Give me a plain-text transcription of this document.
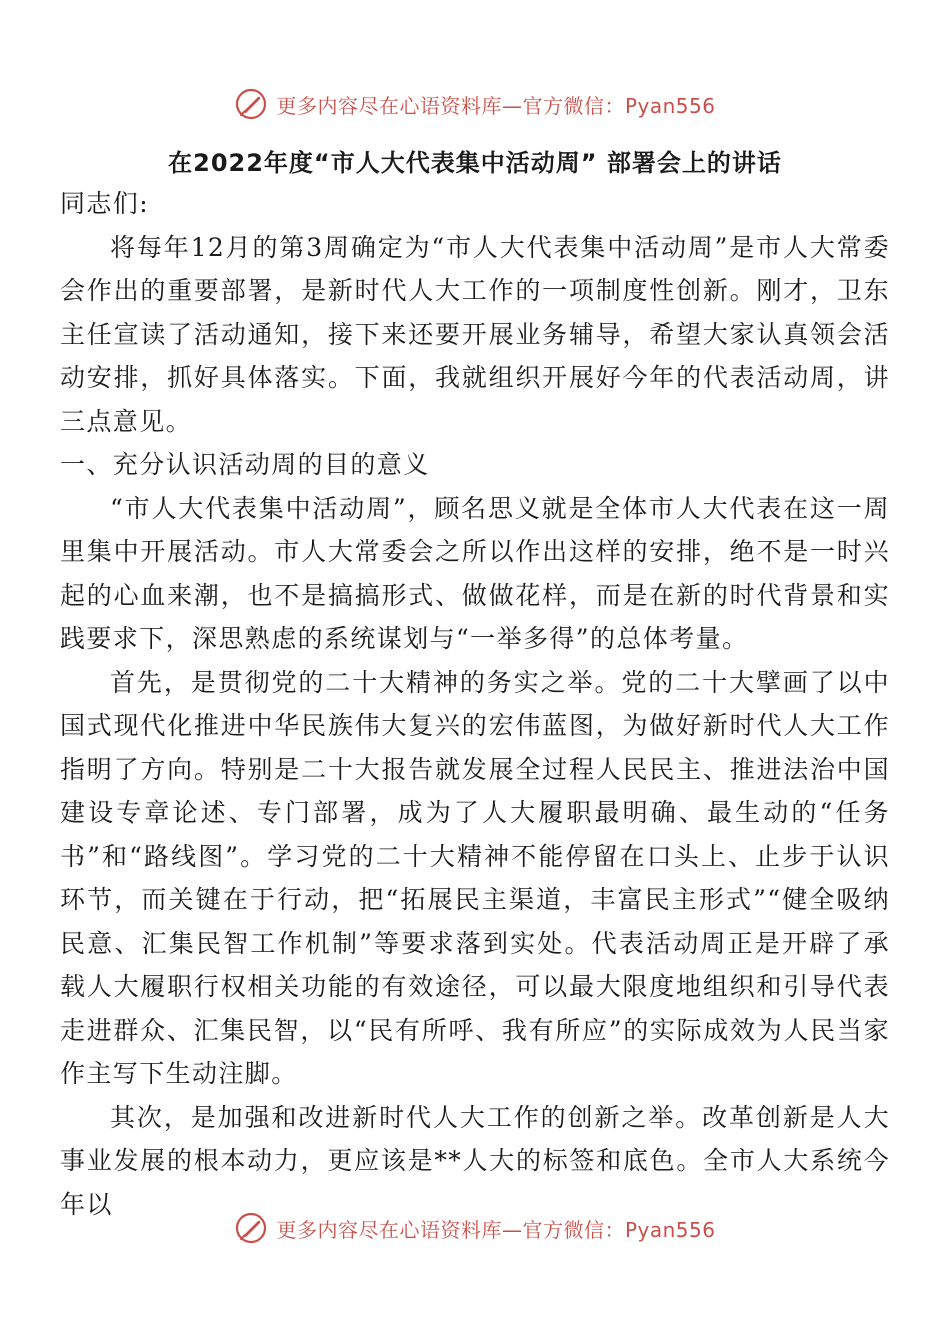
更多内容尽在心语资料库—官方微信：Pyan556
在2022年度“市人大代表集中活动周” 部署会上的讲话

同志们:

将每年12月的第3周确定为“市人大代表集中活动周”是市人大常委会作出的重要部署，是新时代人大工作的一项制度性创新。刚才，卫东主任宣读了活动通知，接下来还要开展业务辅导，希望大家认真领会活动安排，抓好具体落实。下面，我就组织开展好今年的代表活动周，讲三点意见。

一、充分认识活动周的目的意义

“市人大代表集中活动周”，顾名思义就是全体市人大代表在这一周里集中开展活动。市人大常委会之所以作出这样的安排，绝不是一时兴起的心血来潮，也不是搞搞形式、做做花样，而是在新的时代背景和实践要求下，深思熟虑的系统谋划与“一举多得”的总体考量。

首先，是贯彻党的二十大精神的务实之举。党的二十大擘画了以中国式现代化推进中华民族伟大复兴的宏伟蓝图，为做好新时代人大工作指明了方向。特别是二十大报告就发展全过程人民民主、推进法治中国建设专章论述、专门部署，成为了人大履职最明确、最生动的“任务书”和“路线图”。学习党的二十大精神不能停留在口头上、止步于认识环节，而关键在于行动，把“拓展民主渠道，丰富民主形式”“健全吸纳民意、汇集民智工作机制”等要求落到实处。代表活动周正是开辟了承载人大履职行权相关功能的有效途径，可以最大限度地组织和引导代表走进群众、汇集民智，以“民有所呼、我有所应”的实际成效为人民当家作主写下生动注脚。

其次，是加强和改进新时代人大工作的创新之举。改革创新是人大事业发展的根本动力，更应该是**人大的标签和底色。全市人大系统今年以

更多内容尽在心语资料库—官方微信：Pyan556
